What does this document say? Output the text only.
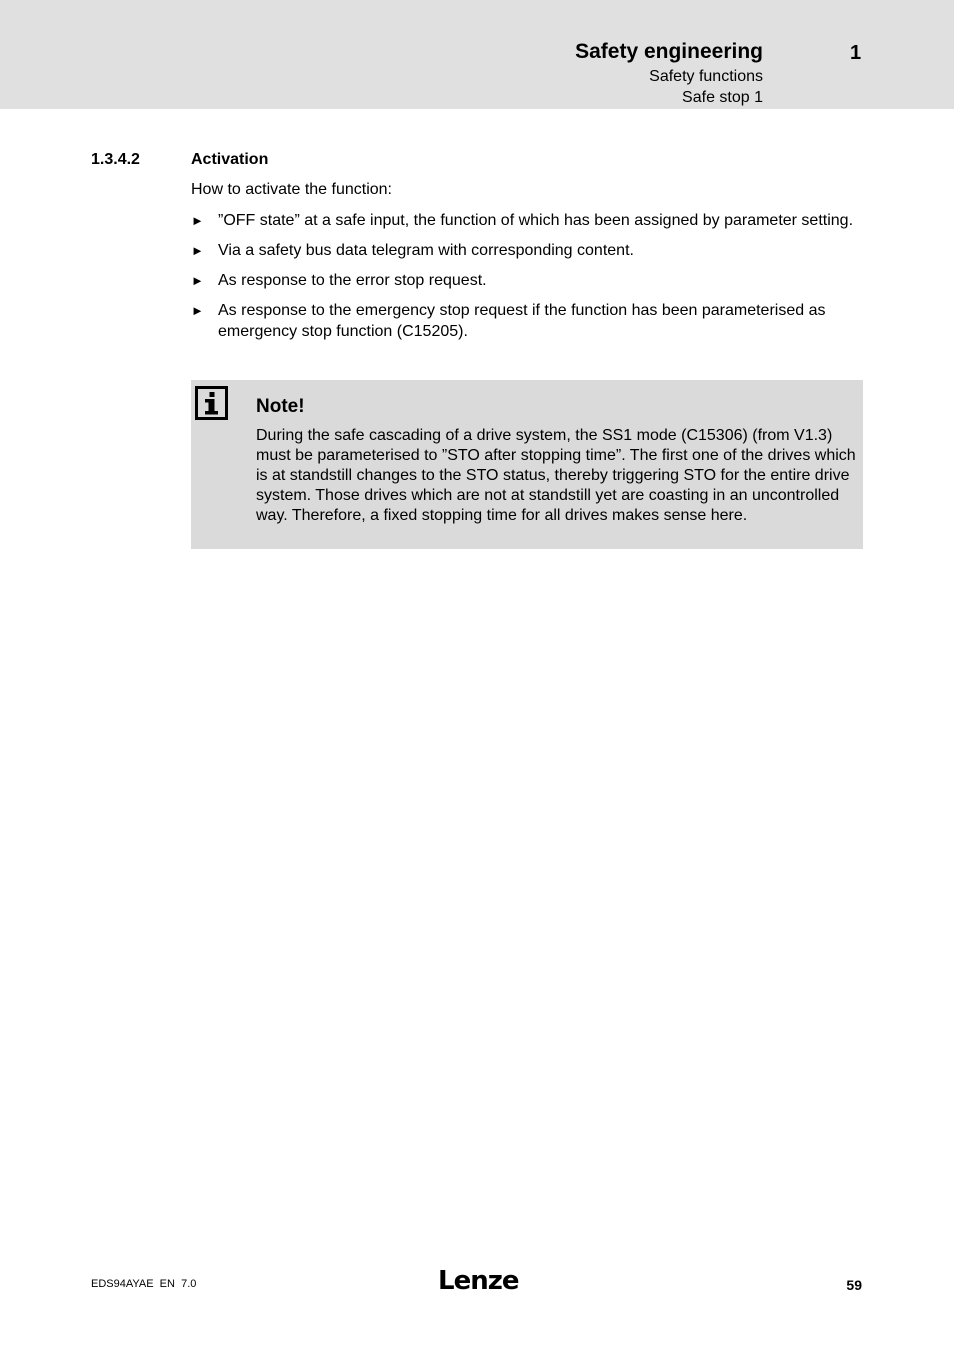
Safety engineering	1
Safety functions
Safe stop 1
1.3.4.2	Activation
How to activate the function:
► ”OFF state” at a safe input, the function of which has been assigned by parameter setting.
► Via a safety bus data telegram with corresponding content.
► As response to the error stop request.
► As response to the emergency stop request if the function has been parameterised as emergency stop function (C15205).
Note!
During the safe cascading of a drive system, the SS1 mode (C15306) (from V1.3) must be parameterised to ”STO after stopping time”. The first one of the drives which is at standstill changes to the STO status, thereby triggering STO for the entire drive system. Those drives which are not at standstill yet are coasting in an uncontrolled way. Therefore, a fixed stopping time for all drives makes sense here.
EDS94AYAE  EN  7.0	Lenze	59
